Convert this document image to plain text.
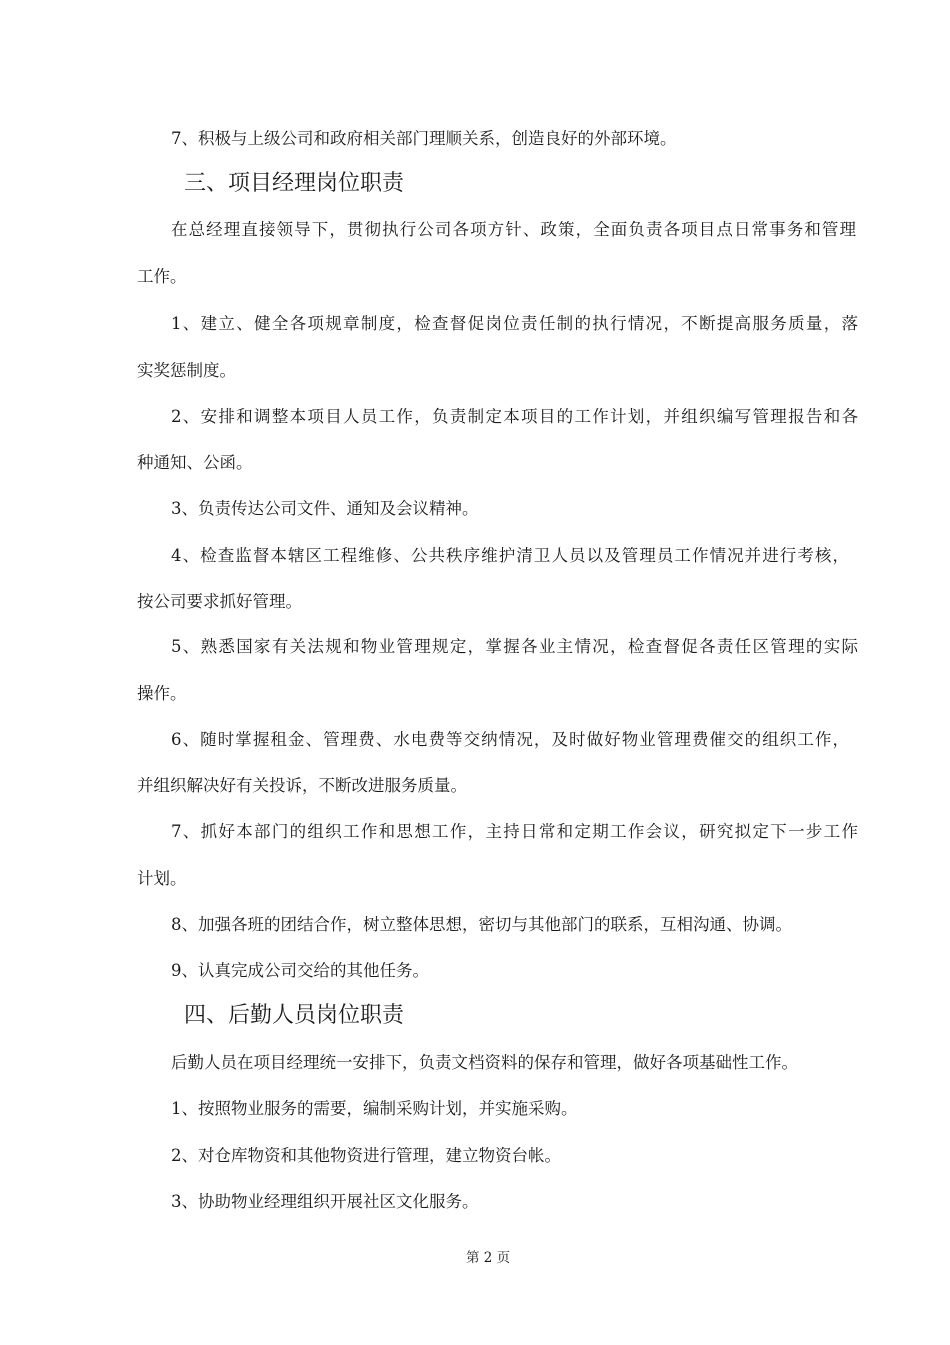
7、积极与上级公司和政府相关部门理顺关系，创造良好的外部环境。
三、项目经理岗位职责
在总经理直接领导下，贯彻执行公司各项方针、政策，全面负责各项目点日常事务和管理
工作。
1、建立、健全各项规章制度，检查督促岗位责任制的执行情况，不断提高服务质量，落
实奖惩制度。
2、安排和调整本项目人员工作，负责制定本项目的工作计划，并组织编写管理报告和各
种通知、公函。
3、负责传达公司文件、通知及会议精神。
4、检查监督本辖区工程维修、公共秩序维护清卫人员以及管理员工作情况并进行考核，
按公司要求抓好管理。
5、熟悉国家有关法规和物业管理规定，掌握各业主情况，检查督促各责任区管理的实际
操作。
6、随时掌握租金、管理费、水电费等交纳情况，及时做好物业管理费催交的组织工作，
并组织解决好有关投诉，不断改进服务质量。
7、抓好本部门的组织工作和思想工作，主持日常和定期工作会议，研究拟定下一步工作
计划。
8、加强各班的团结合作，树立整体思想，密切与其他部门的联系，互相沟通、协调。
9、认真完成公司交给的其他任务。
四、后勤人员岗位职责
后勤人员在项目经理统一安排下，负责文档资料的保存和管理，做好各项基础性工作。
1、按照物业服务的需要，编制采购计划，并实施采购。
2、对仓库物资和其他物资进行管理，建立物资台帐。
3、协助物业经理组织开展社区文化服务。
第 2 页
